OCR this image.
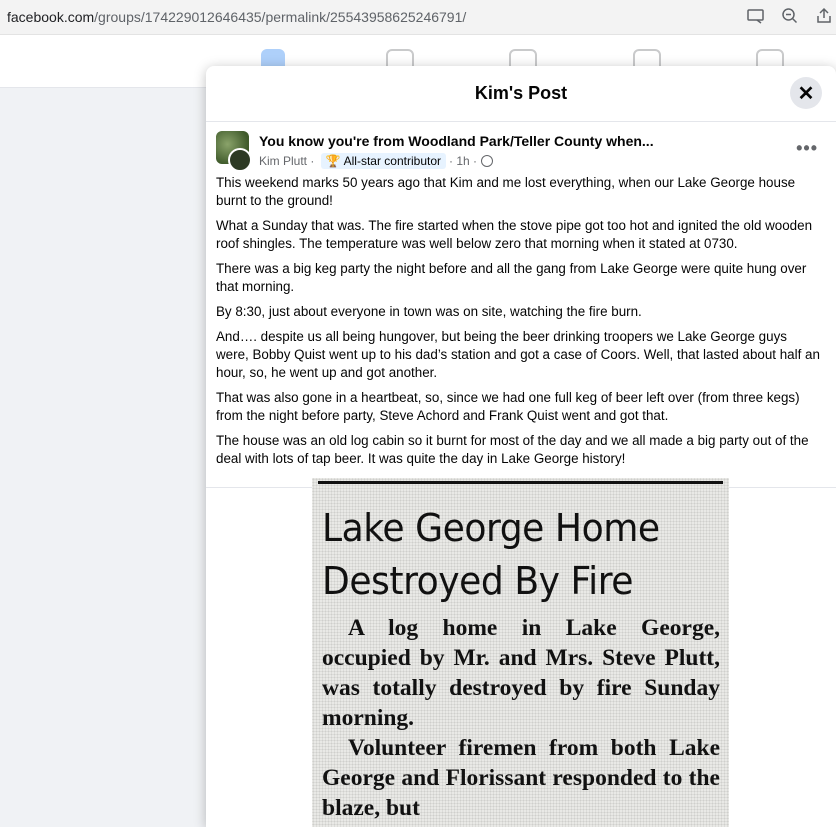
facebook.com/groups/174229012646435/permalink/25543958625246791/
Kim's Post	✕
You know you're from Woodland Park/Teller County when...
Kim Plutt · 🏆 All-star contributor · 1h ·
•••

This weekend marks 50 years ago that Kim and me lost everything, when our Lake George house burnt to the ground!

What a Sunday that was. The fire started when the stove pipe got too hot and ignited the old wooden roof shingles. The temperature was well below zero that morning when it stated at 0730.

There was a big keg party the night before and all the gang from Lake George were quite hung over that morning.

By 8:30, just about everyone in town was on site, watching the fire burn.

And…. despite us all being hungover, but being the beer drinking troopers we Lake George guys were, Bobby Quist went up to his dad’s station and got a case of Coors. Well, that lasted about half an hour, so, he went up and got another.

That was also gone in a heartbeat, so, since we had one full keg of beer left over (from three kegs) from the night before party, Steve Achord and Frank Quist went and got that.

The house was an old log cabin so it burnt for most of the day and we all made a big party out of the deal with lots of tap beer. It was quite the day in Lake George history!

Lake George Home Destroyed By Fire

A log home in Lake George, occupied by Mr. and Mrs. Steve Plutt, was totally destroyed by fire Sunday morning.

Volunteer firemen from both Lake George and Florissant responded to the blaze, but
